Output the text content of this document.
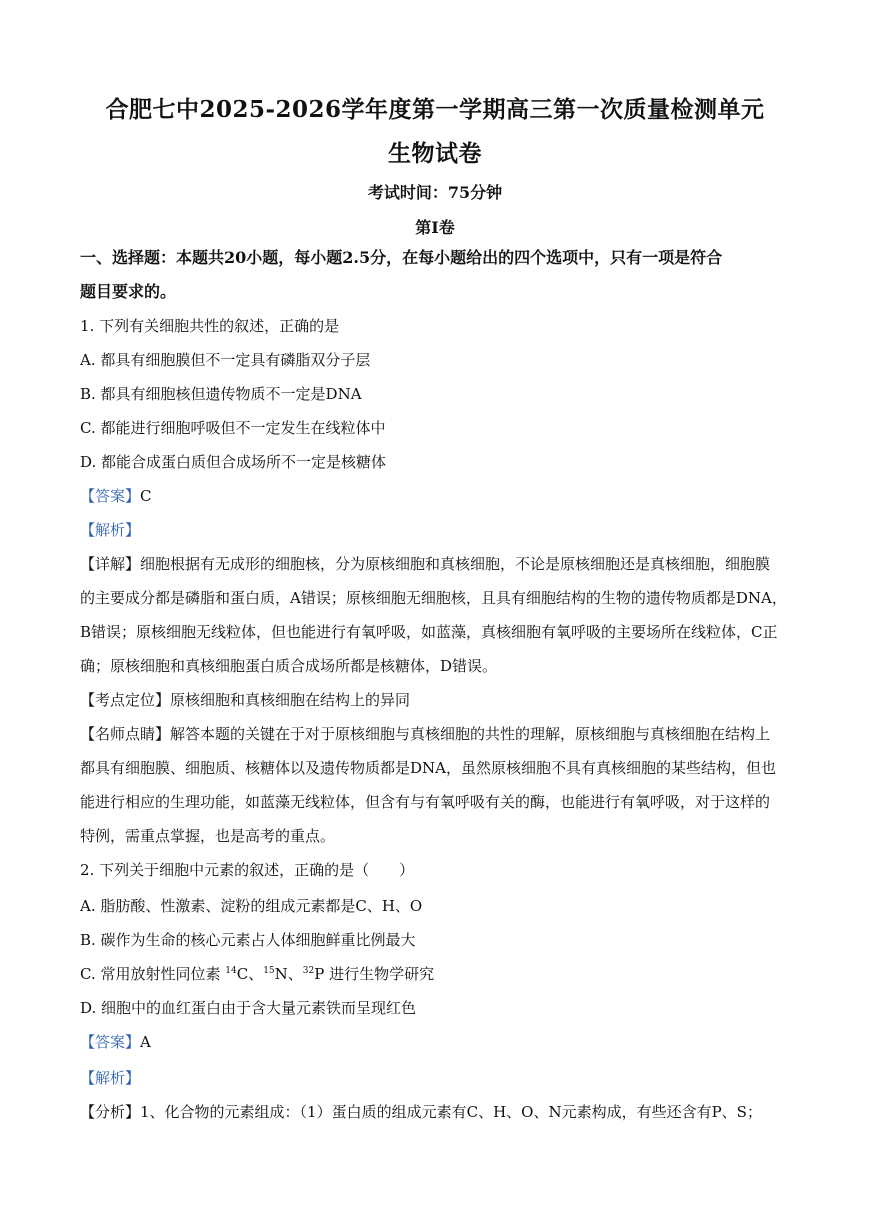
合肥七中2025-2026学年度第一学期高三第一次质量检测单元
生物试卷
考试时间：75分钟
第I卷
一、选择题：本题共20小题，每小题2.5分，在每小题给出的四个选项中，只有一项是符合
题目要求的。
1. 下列有关细胞共性的叙述，正确的是
A. 都具有细胞膜但不一定具有磷脂双分子层
B. 都具有细胞核但遗传物质不一定是DNA
C. 都能进行细胞呼吸但不一定发生在线粒体中
D. 都能合成蛋白质但合成场所不一定是核糖体
【答案】C
【解析】
【详解】细胞根据有无成形的细胞核，分为原核细胞和真核细胞，不论是原核细胞还是真核细胞，细胞膜
的主要成分都是磷脂和蛋白质，A错误；原核细胞无细胞核，且具有细胞结构的生物的遗传物质都是DNA，
B错误；原核细胞无线粒体，但也能进行有氧呼吸，如蓝藻，真核细胞有氧呼吸的主要场所在线粒体，C正
确；原核细胞和真核细胞蛋白质合成场所都是核糖体，D错误。
【考点定位】原核细胞和真核细胞在结构上的异同
【名师点睛】解答本题的关键在于对于原核细胞与真核细胞的共性的理解，原核细胞与真核细胞在结构上
都具有细胞膜、细胞质、核糖体以及遗传物质都是DNA，虽然原核细胞不具有真核细胞的某些结构，但也
能进行相应的生理功能，如蓝藻无线粒体，但含有与有氧呼吸有关的酶，也能进行有氧呼吸，对于这样的
特例，需重点掌握，也是高考的重点。
2. 下列关于细胞中元素的叙述，正确的是（　　）
A. 脂肪酸、性激素、淀粉的组成元素都是C、H、O
B. 碳作为生命的核心元素占人体细胞鲜重比例最大
C. 常用放射性同位素 $^{14}$C、$^{15}$N、$^{32}$P 进行生物学研究
D. 细胞中的血红蛋白由于含大量元素铁而呈现红色
【答案】A
【解析】
【分析】1、化合物的元素组成：（1）蛋白质的组成元素有C、H、O、N元素构成，有些还含有P、S；
